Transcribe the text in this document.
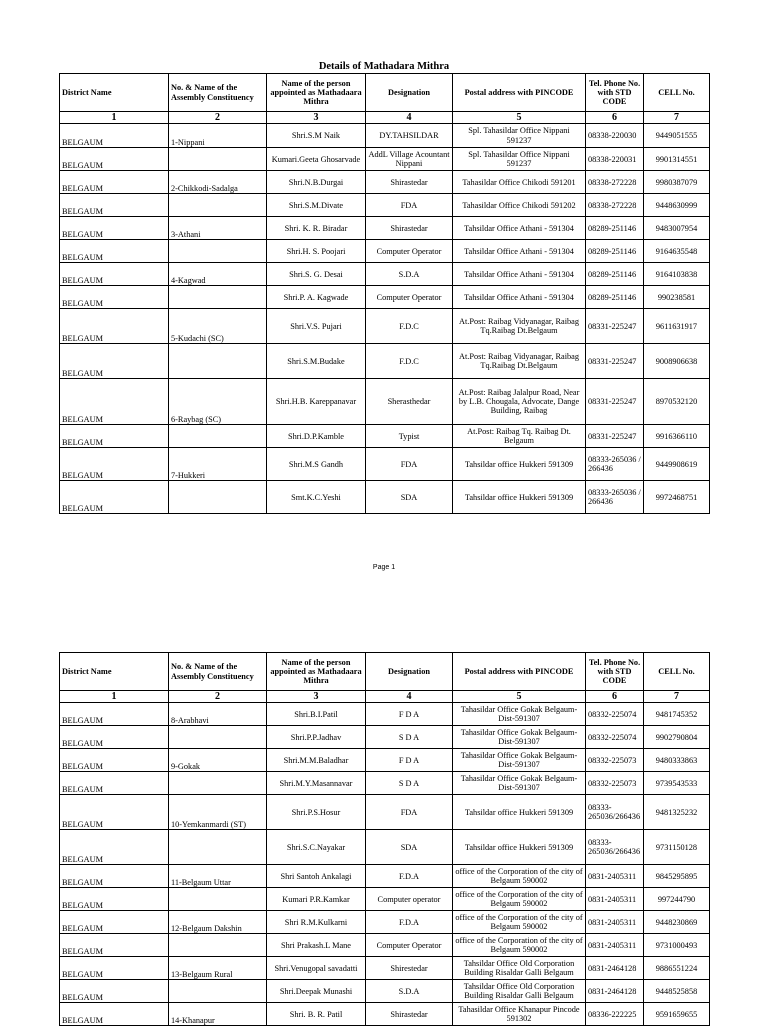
Details of Mathadara Mithra
District Name	No. & Name of the Assembly Constituency	Name of the person appointed as Mathadaara Mithra	Designation	Postal address with PINCODE	Tel. Phone No. with STD CODE	CELL No.
1	2	3	4	5	6	7
BELGAUM	1-Nippani	Shri.S.M Naik	DY.TAHSILDAR	Spl. Tahasildar Office Nippani 591237	08338-220030	9449051555
BELGAUM		Kumari.Geeta Ghosarvade	AddL Village Acountant Nippani	Spl. Tahasildar Office Nippani 591237	08338-220031	9901314551
BELGAUM	2-Chikkodi-Sadalga	Shri.N.B.Durgai	Shirastedar	Tahasildar Office Chikodi 591201	08338-272228	9980387079
BELGAUM		Shri.S.M.Divate	FDA	Tahasildar Office Chikodi 591202	08338-272228	9448630999
BELGAUM	3-Athani	Shri. K. R. Biradar	Shirastedar	Tahsildar Office Athani - 591304	08289-251146	9483007954
BELGAUM		Shri.H. S. Poojari	Computer Operator	Tahsildar Office Athani - 591304	08289-251146	9164635548
BELGAUM	4-Kagwad	Shri.S. G. Desai	S.D.A	Tahsildar Office Athani - 591304	08289-251146	9164103838
BELGAUM		Shri.P. A. Kagwade	Computer Operator	Tahsildar Office Athani - 591304	08289-251146	990238581
BELGAUM	5-Kudachi (SC)	Shri.V.S. Pujari	F.D.C	At.Post: Raibag Vidyanagar, Raibag Tq.Raibag Dt.Belgaum	08331-225247	9611631917
BELGAUM		Shri.S.M.Budake	F.D.C	At.Post: Raibag Vidyanagar, Raibag Tq.Raibag Dt.Belgaum	08331-225247	9008906638
BELGAUM	6-Raybag (SC)	Shri.H.B. Kareppanavar	Sherasthedar	At.Post: Raibag Jalalpur Road, Near by L.B. Chougala, Advocate, Dange Building, Raibag	08331-225247	8970532120
BELGAUM		Shri.D.P.Kamble	Typist	At.Post: Raibag Tq. Raibag Dt. Belgaum	08331-225247	9916366110
BELGAUM	7-Hukkeri	Shri.M.S Gandh	FDA	Tahsildar office Hukkeri 591309	08333-265036 / 266436	9449908619
BELGAUM		Smt.K.C.Yeshi	SDA	Tahsildar office Hukkeri 591309	08333-265036 / 266436	9972468751
Page 1
District Name	No. & Name of the Assembly Constituency	Name of the person appointed as Mathadaara Mithra	Designation	Postal address with PINCODE	Tel. Phone No. with STD CODE	CELL No.
1	2	3	4	5	6	7
BELGAUM	8-Arabhavi	Shri.B.I.Patil	F D A	Tahasildar Office Gokak Belgaum-Dist-591307	08332-225074	9481745352
BELGAUM		Shri.P.P.Jadhav	S D A	Tahasildar Office Gokak Belgaum-Dist-591307	08332-225074	9902790804
BELGAUM	9-Gokak	Shri.M.M.Baladhar	F D A	Tahasildar Office Gokak Belgaum-Dist-591307	08332-225073	9480333863
BELGAUM		Shri.M.Y.Masannavar	S D A	Tahasildar Office Gokak Belgaum-Dist-591307	08332-225073	9739543533
BELGAUM	10-Yemkanmardi (ST)	Shri.P.S.Hosur	FDA	Tahsildar office Hukkeri 591309	08333-265036/266436	9481325232
BELGAUM		Shri.S.C.Nayakar	SDA	Tahsildar office Hukkeri 591309	08333-265036/266436	9731150128
BELGAUM	11-Belgaum Uttar	Shri Santoh Ankalagi	F.D.A	office of the Corporation of the city of Belgaum 590002	0831-2405311	9845295895
BELGAUM		Kumari P.R.Kamkar	Computer operator	office of the Corporation of the city of Belgaum 590002	0831-2405311	997244790
BELGAUM	12-Belgaum Dakshin	Shri R.M.Kulkarni	F.D.A	office of the Corporation of the city of Belgaum 590002	0831-2405311	9448230869
BELGAUM		Shri Prakash.L Mane	Computer Operator	office of the Corporation of the city of Belgaum 590002	0831-2405311	9731000493
BELGAUM	13-Belgaum Rural	Shri.Venugopal savadatti	Shirestedar	Tahsildar Office Old Corporation Building Risaldar Galli Belgaum	0831-2464128	9886551224
BELGAUM		Shri.Deepak Munashi	S.D.A	Tahsildar Office Old Corporation Building Risaldar Galli Belgaum	0831-2464128	9448525858
BELGAUM	14-Khanapur	Shri. B. R. Patil	Shirastedar	Tahasildar Office Khanapur Pincode 591302	08336-222225	9591659655
